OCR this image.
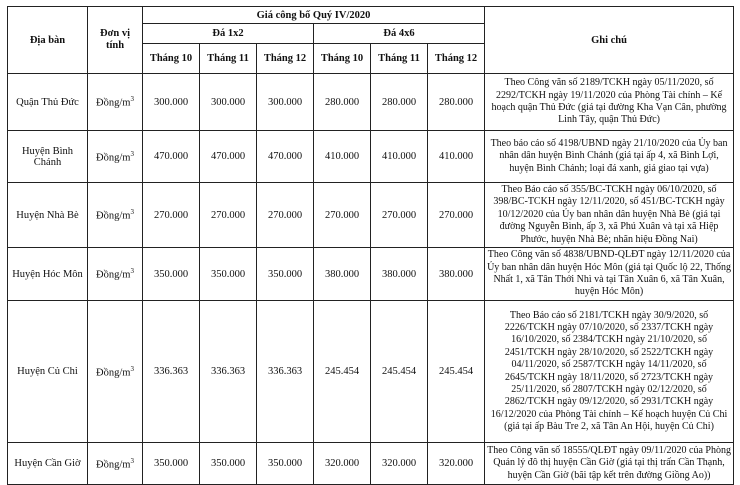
Địa bàn	Đơn vị tính	Giá công bố Quý IV/2020						Ghi chú
		Đá 1x2			Đá 4x6			
		Tháng 10	Tháng 11	Tháng 12	Tháng 10	Tháng 11	Tháng 12	
Quận Thủ Đức	Đồng/$m^3$	300.000	300.000	300.000	280.000	280.000	280.000	Theo Công văn số 2189/TCKH ngày 05/11/2020, số 2292/TCKH ngày 19/11/2020 của Phòng Tài chính – Kế hoạch quận Thủ Đức (giá tại đường Kha Vạn Cân, phường Linh Tây, quận Thủ Đức)
Huyện Bình Chánh	Đồng/$m^3$	470.000	470.000	470.000	410.000	410.000	410.000	Theo báo cáo số 4198/UBND ngày 21/10/2020 của Ủy ban nhân dân huyện Bình Chánh (giá tại ấp 4, xã Bình Lợi, huyện Bình Chánh; loại đá xanh, giá giao tại vựa)
Huyện Nhà Bè	Đồng/$m^3$	270.000	270.000	270.000	270.000	270.000	270.000	Theo Báo cáo số 355/BC-TCKH ngày 06/10/2020, số 398/BC-TCKH ngày 12/11/2020, số 451/BC-TCKH ngày 10/12/2020 của Ủy ban nhân dân huyện Nhà Bè (giá tại đường Nguyễn Bình, ấp 3, xã Phú Xuân và tại xã Hiệp Phước, huyện Nhà Bè; nhãn hiệu Đồng Nai)
Huyện Hóc Môn	Đồng/$m^3$	350.000	350.000	350.000	380.000	380.000	380.000	Theo Công văn số 4838/UBND-QLĐT ngày 12/11/2020 của Ủy ban nhân dân huyện Hóc Môn (giá tại Quốc lộ 22, Thống Nhất 1, xã Tân Thới Nhì và tại Tân Xuân 6, xã Tân Xuân, huyện Hóc Môn)
Huyện Củ Chi	Đồng/$m^3$	336.363	336.363	336.363	245.454	245.454	245.454	Theo Báo cáo số 2181/TCKH ngày 30/9/2020, số 2226/TCKH ngày 07/10/2020, số 2337/TCKH ngày 16/10/2020, số 2384/TCKH ngày 21/10/2020, số 2451/TCKH ngày 28/10/2020, số 2522/TCKH ngày 04/11/2020, số 2587/TCKH ngày 14/11/2020, số 2645/TCKH ngày 18/11/2020, số 2723/TCKH ngày 25/11/2020, số 2807/TCKH ngày 02/12/2020, số 2862/TCKH ngày 09/12/2020, số 2931/TCKH ngày 16/12/2020 của Phòng Tài chính – Kế hoạch huyện Củ Chi (giá tại ấp Bàu Tre 2, xã Tân An Hội, huyện Củ Chi)
Huyện Cần Giờ	Đồng/$m^3$	350.000	350.000	350.000	320.000	320.000	320.000	Theo Công văn số 18555/QLĐT ngày 09/11/2020 của Phòng Quản lý đô thị huyện Cần Giờ (giá tại thị trấn Cần Thạnh, huyện Cần Giờ (bãi tập kết trên đường Giồng Ao))
